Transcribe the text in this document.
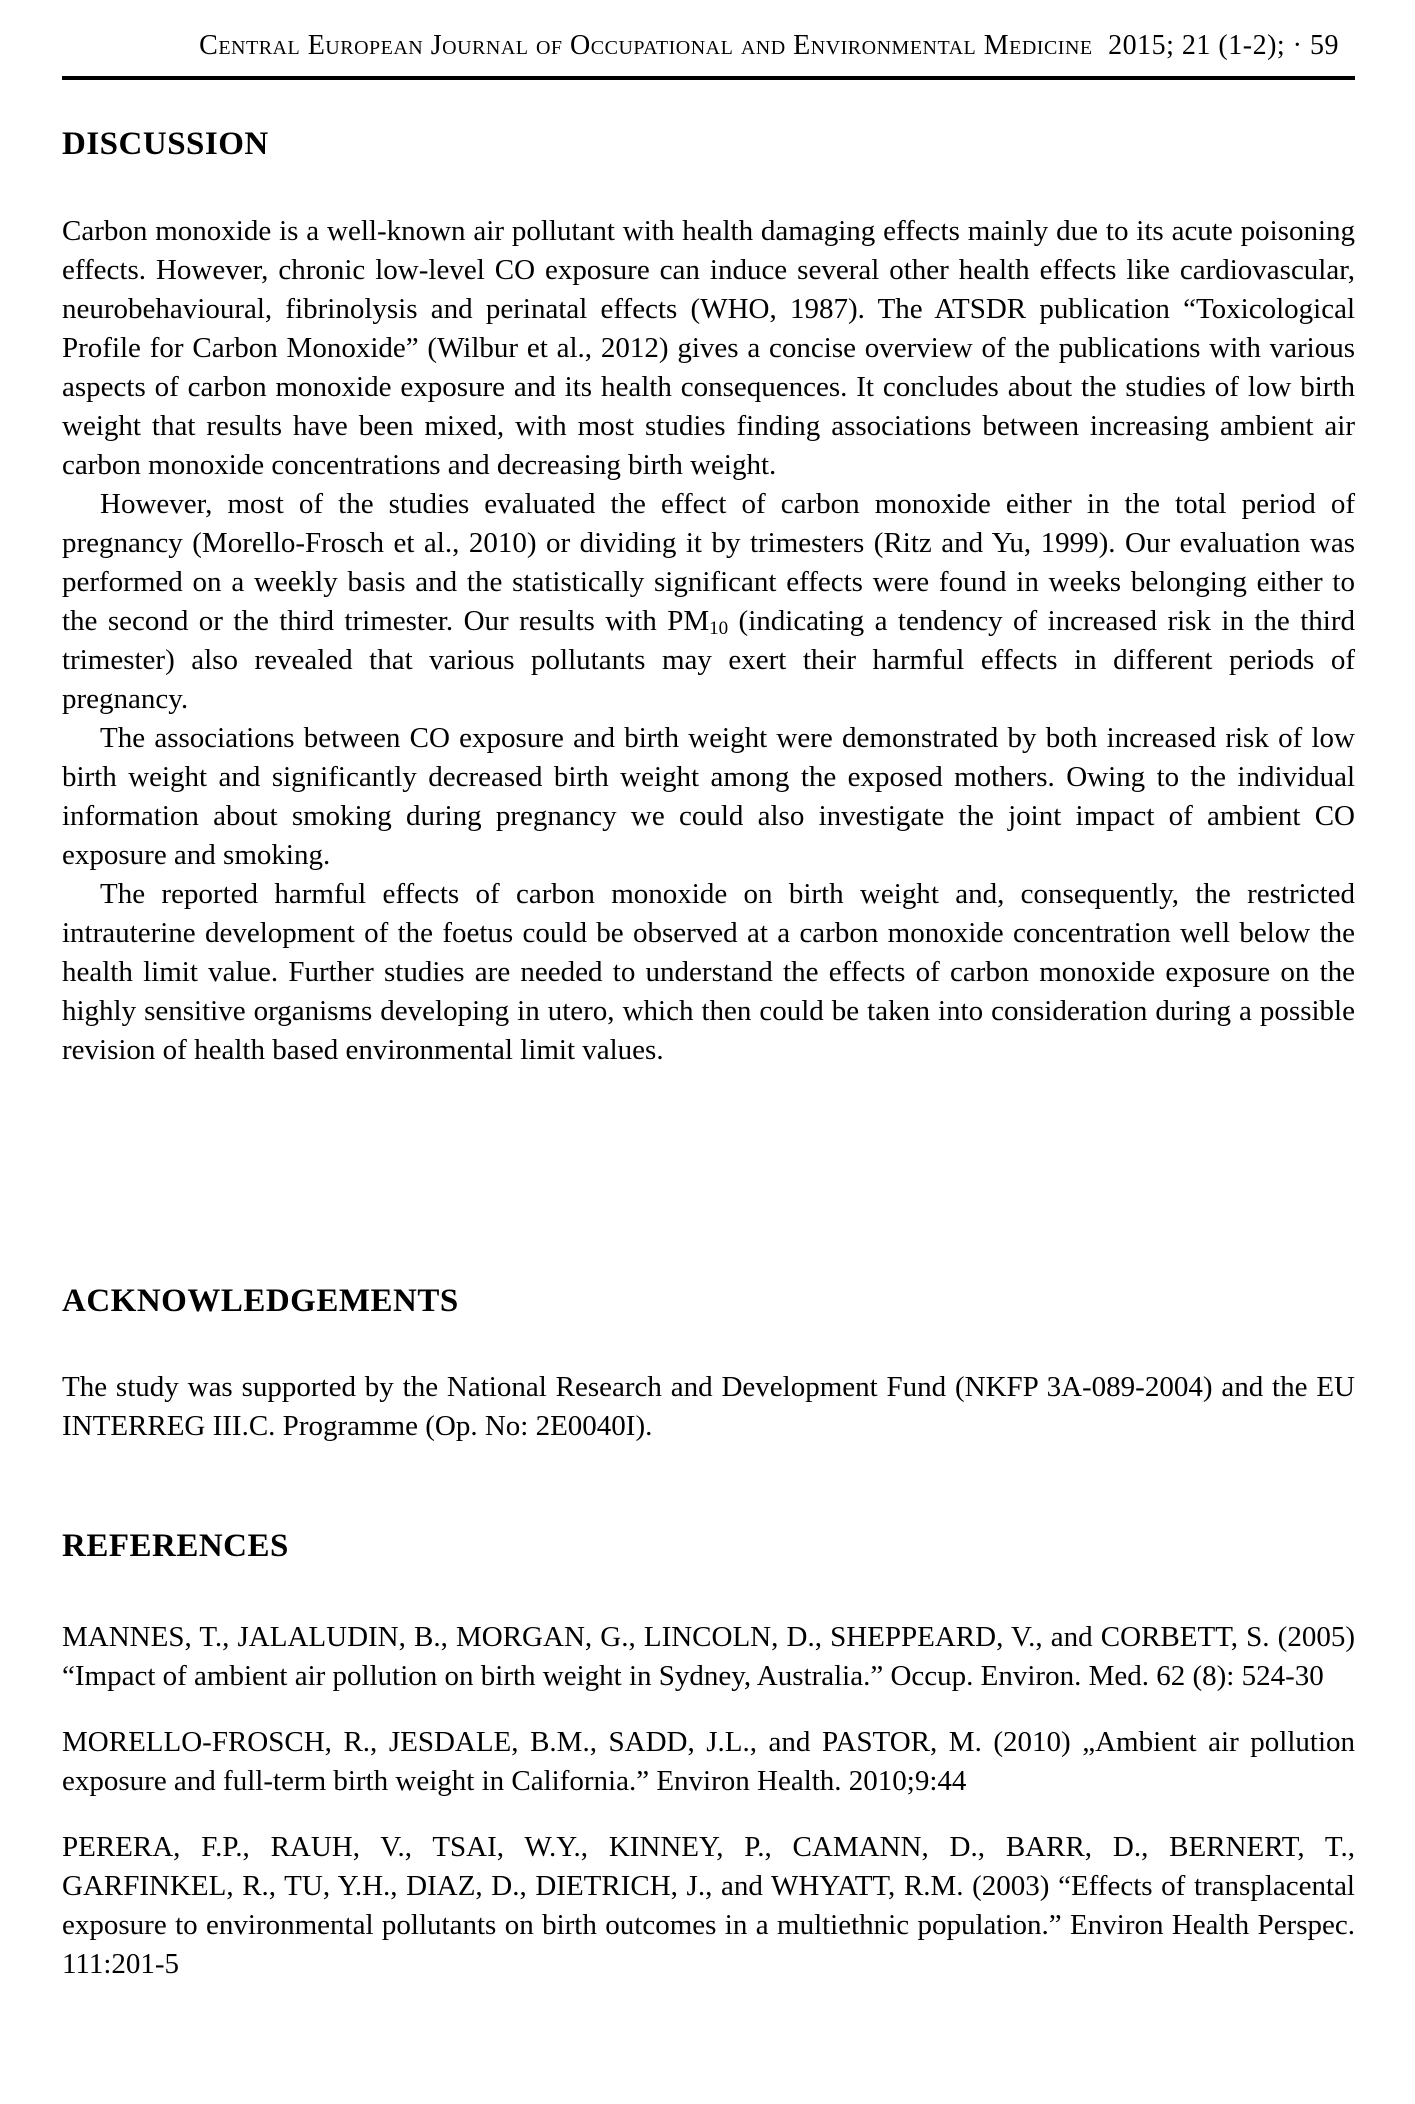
Central European Journal of Occupational and Environmental Medicine 2015; 21 (1-2); · 59
DISCUSSION

Carbon monoxide is a well-known air pollutant with health damaging effects mainly due to its acute poisoning effects. However, chronic low-level CO exposure can induce several other health effects like cardiovascular, neurobehavioural, fibrinolysis and perinatal effects (WHO, 1987). The ATSDR publication “Toxicological Profile for Carbon Monoxide” (Wilbur et al., 2012) gives a concise overview of the publications with various aspects of carbon monoxide exposure and its health consequences. It concludes about the studies of low birth weight that results have been mixed, with most studies finding associations between increasing ambient air carbon monoxide concentrations and decreasing birth weight.

However, most of the studies evaluated the effect of carbon monoxide either in the total period of pregnancy (Morello-Frosch et al., 2010) or dividing it by trimesters (Ritz and Yu, 1999). Our evaluation was performed on a weekly basis and the statistically significant effects were found in weeks belonging either to the second or the third trimester. Our results with $PM_{10}$ (indicating a tendency of increased risk in the third trimester) also revealed that various pollutants may exert their harmful effects in different periods of pregnancy.

The associations between CO exposure and birth weight were demonstrated by both increased risk of low birth weight and significantly decreased birth weight among the exposed mothers. Owing to the individual information about smoking during pregnancy we could also investigate the joint impact of ambient CO exposure and smoking.

The reported harmful effects of carbon monoxide on birth weight and, consequently, the restricted intrauterine development of the foetus could be observed at a carbon monoxide concentration well below the health limit value. Further studies are needed to understand the effects of carbon monoxide exposure on the highly sensitive organisms developing in utero, which then could be taken into consideration during a possible revision of health based environmental limit values.

ACKNOWLEDGEMENTS

The study was supported by the National Research and Development Fund (NKFP 3A-089-2004) and the EU INTERREG III.C. Programme (Op. No: 2E0040I).

REFERENCES

MANNES, T., JALALUDIN, B., MORGAN, G., LINCOLN, D., SHEPPEARD, V., and CORBETT, S. (2005) “Impact of ambient air pollution on birth weight in Sydney, Australia.” Occup. Environ. Med. 62 (8): 524-30

MORELLO-FROSCH, R., JESDALE, B.M., SADD, J.L., and PASTOR, M. (2010) „Ambient air pollution exposure and full-term birth weight in California.” Environ Health. 2010;9:44

PERERA, F.P., RAUH, V., TSAI, W.Y., KINNEY, P., CAMANN, D., BARR, D., BERNERT, T., GARFINKEL, R., TU, Y.H., DIAZ, D., DIETRICH, J., and WHYATT, R.M. (2003) “Effects of transplacental exposure to environmental pollutants on birth outcomes in a multiethnic population.” Environ Health Perspec. 111:201-5
